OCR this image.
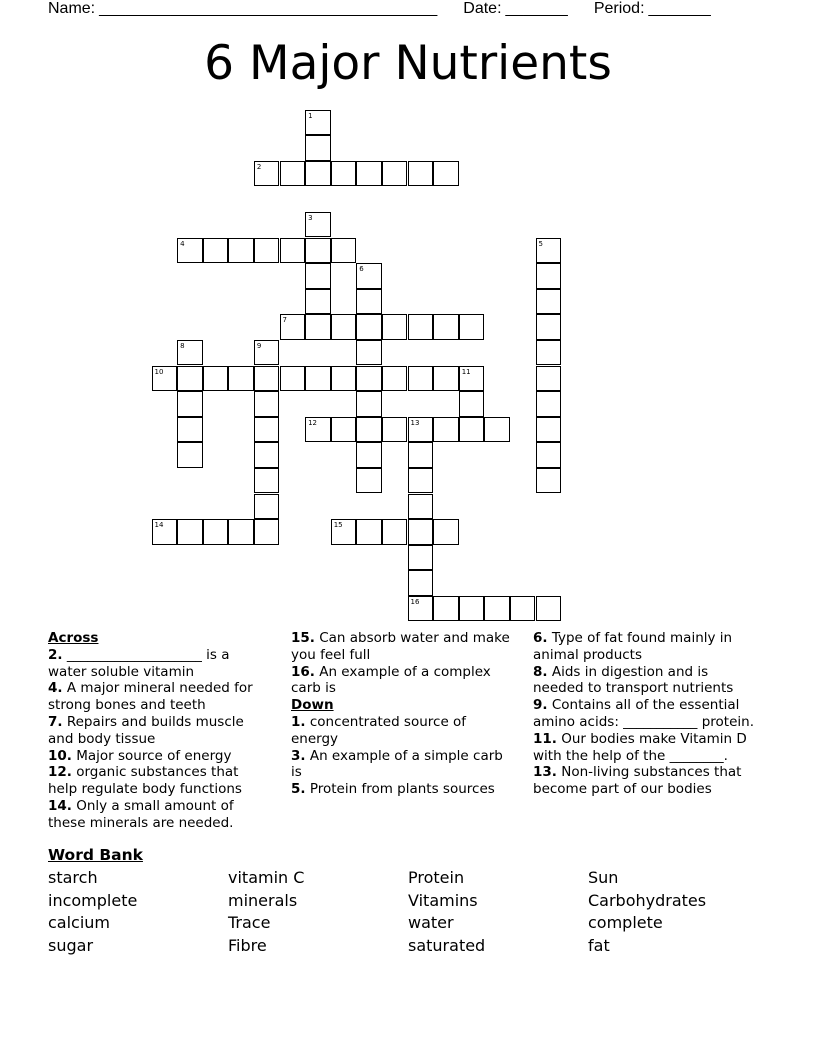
Name: ______________________________________ Date: _______ Period: _______
6 Major Nutrients
1
2
3
4	5
6
7
8	9
10	11
12	13
16
14	15
Across
2. ____________________ is a water soluble vitamin
4. A major mineral needed for strong bones and teeth
7. Repairs and builds muscle and body tissue
10. Major source of energy
12. organic substances that help regulate body functions
14. Only a small amount of these minerals are needed.
15. Can absorb water and make you feel full
16. An example of a complex carb is
Down
1. concentrated source of energy
3. An example of a simple carb is
5. Protein from plants sources
6. Type of fat found mainly in animal products
8. Aids in digestion and is needed to transport nutrients
9. Contains all of the essential amino acids: ___________ protein.
11. Our bodies make Vitamin D with the help of the ________.
13. Non-living substances that become part of our bodies
Word Bank
starch	vitamin C	Protein	Sun
incomplete	minerals	Vitamins	Carbohydrates
calcium	Trace	water	complete
sugar	Fibre	saturated	fat
